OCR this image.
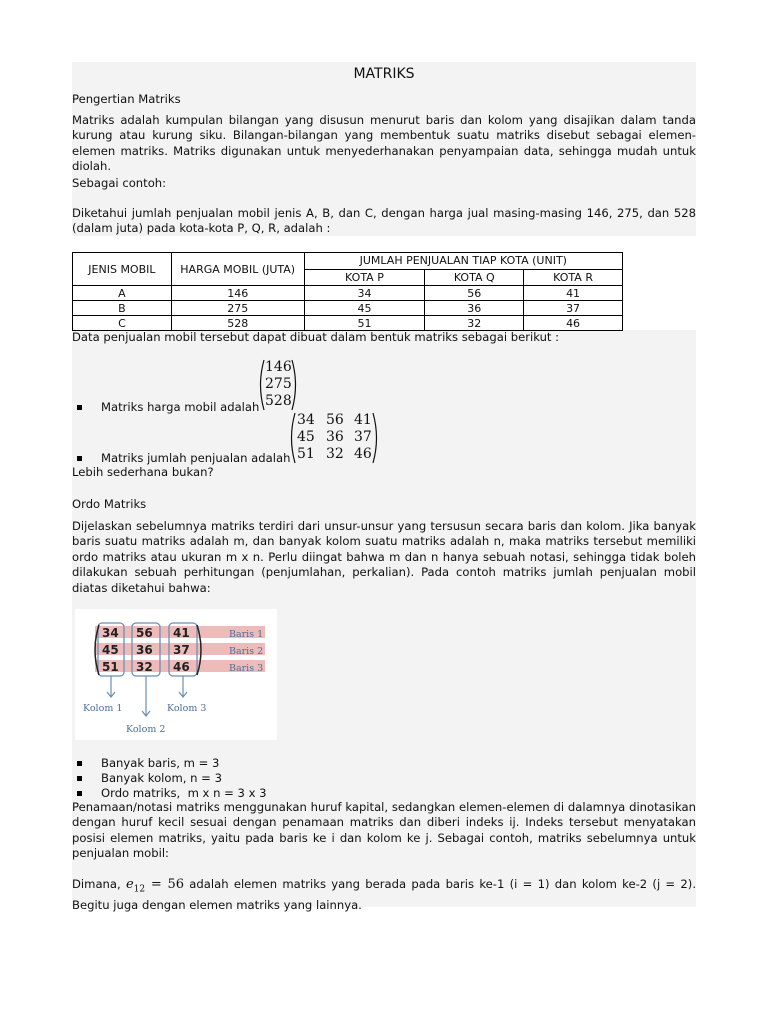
MATRIKS
Pengertian Matriks
Matriks adalah kumpulan bilangan yang disusun menurut baris dan kolom yang disajikan dalam tanda kurung atau kurung siku. Bilangan-bilangan yang membentuk suatu matriks disebut sebagai elemen-elemen matriks. Matriks digunakan untuk menyederhanakan penyampaian data, sehingga mudah untuk diolah.
Sebagai contoh:
Diketahui jumlah penjualan mobil jenis A, B, dan C, dengan harga jual masing-masing 146, 275, dan 528 (dalam juta) pada kota-kota P, Q, R, adalah :
JENIS MOBIL	HARGA MOBIL (JUTA)	JUMLAH PENJUALAN TIAP KOTA (UNIT)		
		KOTA P	KOTA Q	KOTA R
A	146	34	56	41
B	275	45	36	37
C	528	51	32	46
Data penjualan mobil tersebut dapat dibuat dalam bentuk matriks sebagai berikut :
146
275
528
34 56 41
45 36 37
51 32 46
Matriks harga mobil adalah
Matriks jumlah penjualan adalah
Lebih sederhana bukan?
Ordo Matriks
Dijelaskan sebelumnya matriks terdiri dari unsur-unsur yang tersusun secara baris dan kolom. Jika banyak baris suatu matriks adalah m, dan banyak kolom suatu matriks adalah n, maka matriks tersebut memiliki ordo matriks atau ukuran m x n. Perlu diingat bahwa m dan n hanya sebuah notasi, sehingga tidak boleh dilakukan sebuah perhitungan (penjumlahan, perkalian). Pada contoh matriks jumlah penjualan mobil diatas diketahui bahwa:
34 56 41
45 36 37
51 32 46
Baris 1
Baris 2
Baris 3
Kolom 1
Kolom 2
Kolom 3
Banyak baris, m = 3
Banyak kolom, n = 3
Ordo matriks,  m x n = 3 x 3
Penamaan/notasi matriks menggunakan huruf kapital, sedangkan elemen-elemen di dalamnya dinotasikan dengan huruf kecil sesuai dengan penamaan matriks dan diberi indeks ij. Indeks tersebut menyatakan posisi elemen matriks, yaitu pada baris ke i dan kolom ke j. Sebagai contoh, matriks sebelumnya untuk penjualan mobil:
Dimana, $e_{12} = 56$ adalah elemen matriks yang berada pada baris ke-1 (i = 1) dan kolom ke-2 (j = 2). Begitu juga dengan elemen matriks yang lainnya.
